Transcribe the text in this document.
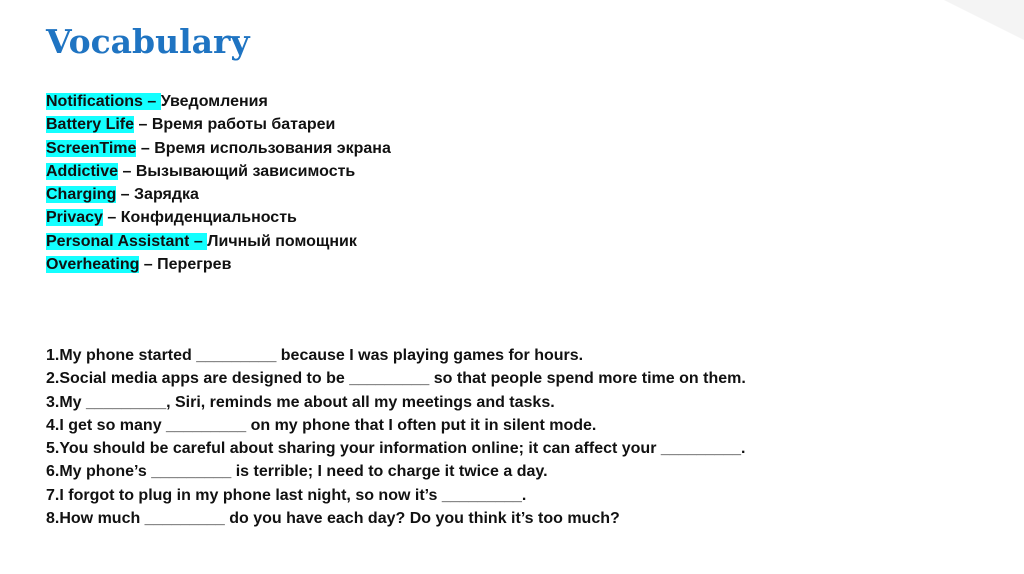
Vocabulary
Notifications – Уведомления
Battery Life – Время работы батареи
ScreenTime – Время использования экрана
Addictive – Вызывающий зависимость
Charging – Зарядка
Privacy – Конфиденциальность
Personal Assistant – Личный помощник
Overheating – Перегрев
1.My phone started _________ because I was playing games for hours.
2.Social media apps are designed to be _________ so that people spend more time on them.
3.My _________, Siri, reminds me about all my meetings and tasks.
4.I get so many _________ on my phone that I often put it in silent mode.
5.You should be careful about sharing your information online; it can affect your _________.
6.My phone’s _________ is terrible; I need to charge it twice a day.
7.I forgot to plug in my phone last night, so now it’s _________.
8.How much _________ do you have each day? Do you think it’s too much?
